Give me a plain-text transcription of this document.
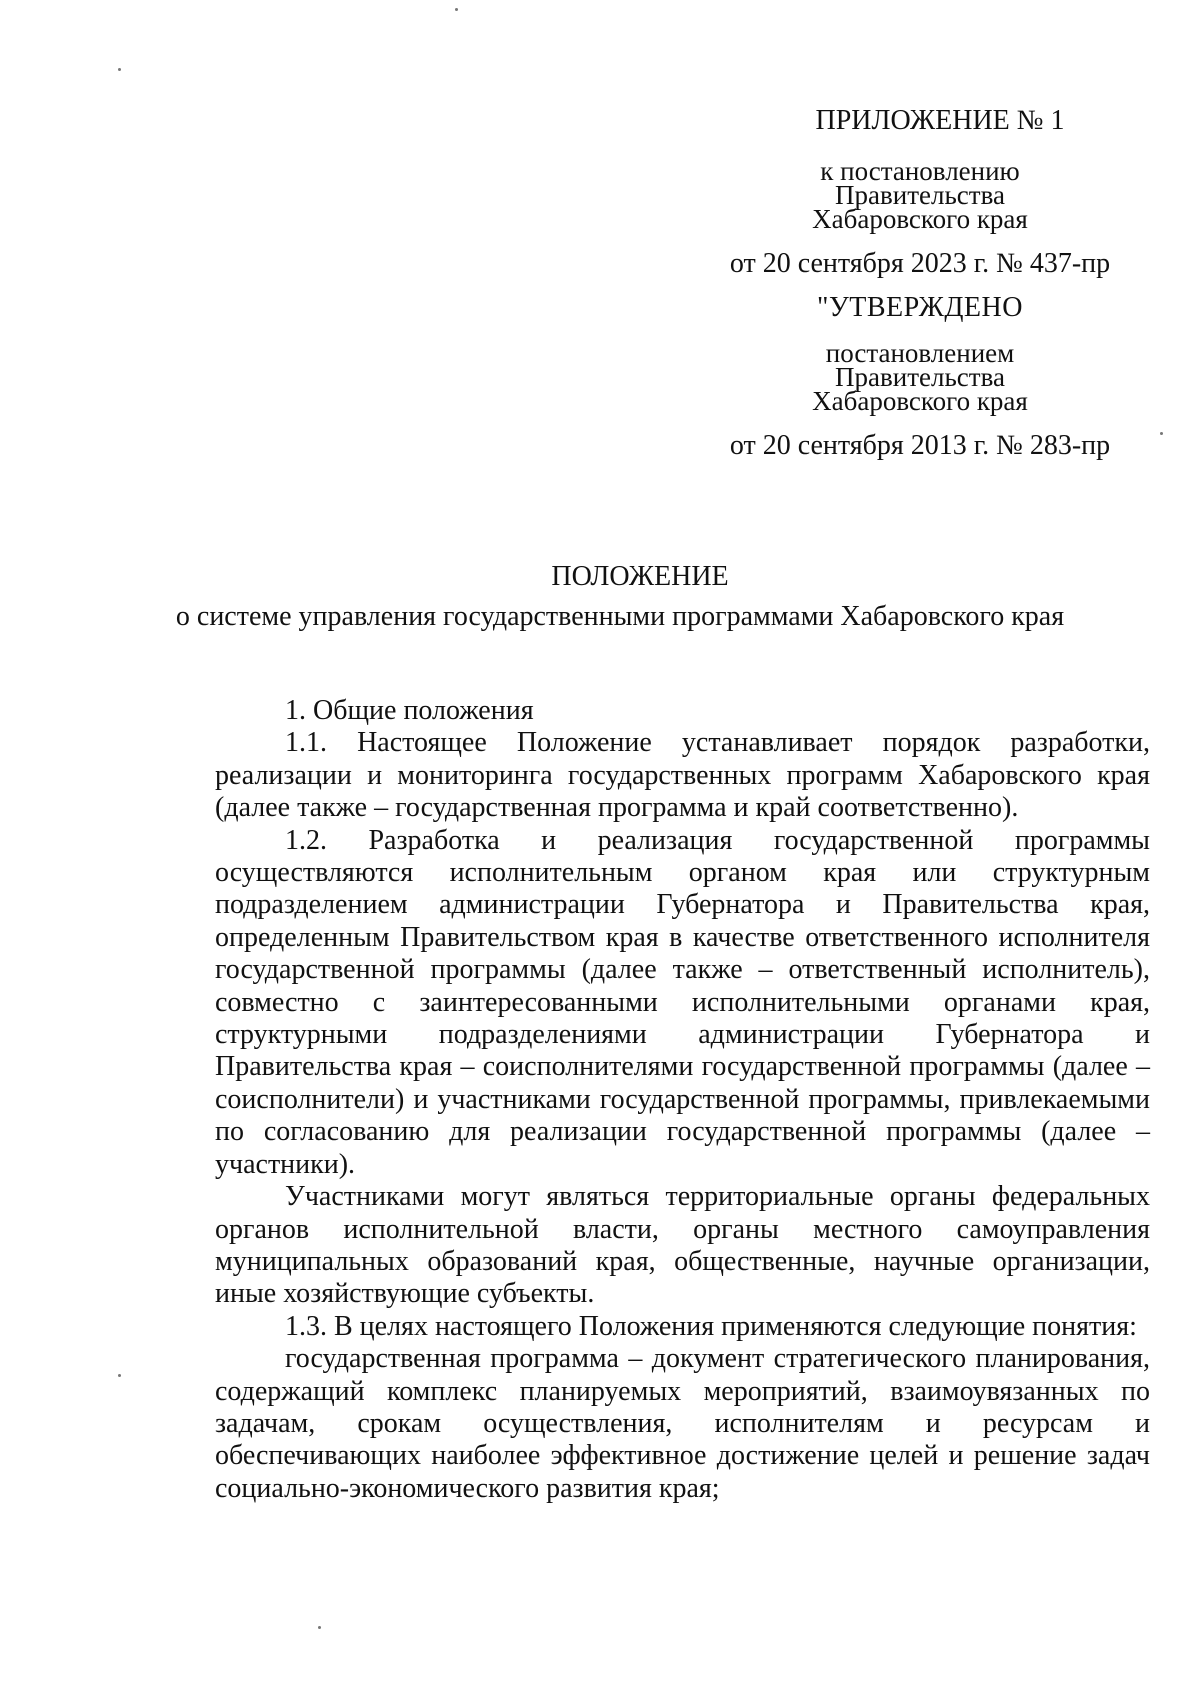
ПРИЛОЖЕНИЕ № 1
к постановлению
Правительства
Хабаровского края
от 20 сентября 2023 г. № 437-пр
"УТВЕРЖДЕНО
постановлением
Правительства
Хабаровского края
от 20 сентября 2013 г. № 283-пр
ПОЛОЖЕНИЕ
о системе управления государственными программами Хабаровского края

1. Общие положения

1.1. Настоящее Положение устанавливает порядок разработки, реализации и мониторинга государственных программ Хабаровского края (далее также – государственная программа и край соответственно).

1.2. Разработка и реализация государственной программы осуществляются исполнительным органом края или структурным подразделением администрации Губернатора и Правительства края, определенным Правительством края в качестве ответственного исполнителя государственной программы (далее также – ответственный исполнитель), совместно с заинтересованными исполнительными органами края, структурными подразделениями администрации Губернатора и Правительства края – соисполнителями государственной программы (далее – соисполнители) и участниками государственной программы, привлекаемыми по согласованию для реализации государственной программы (далее – участники).

Участниками могут являться территориальные органы федеральных органов исполнительной власти, органы местного самоуправления муниципальных образований края, общественные, научные организации, иные хозяйствующие субъекты.

1.3. В целях настоящего Положения применяются следующие понятия:

государственная программа – документ стратегического планирования, содержащий комплекс планируемых мероприятий, взаимоувязанных по задачам, срокам осуществления, исполнителям и ресурсам и обеспечивающих наиболее эффективное достижение целей и решение задач социально-экономического развития края;
